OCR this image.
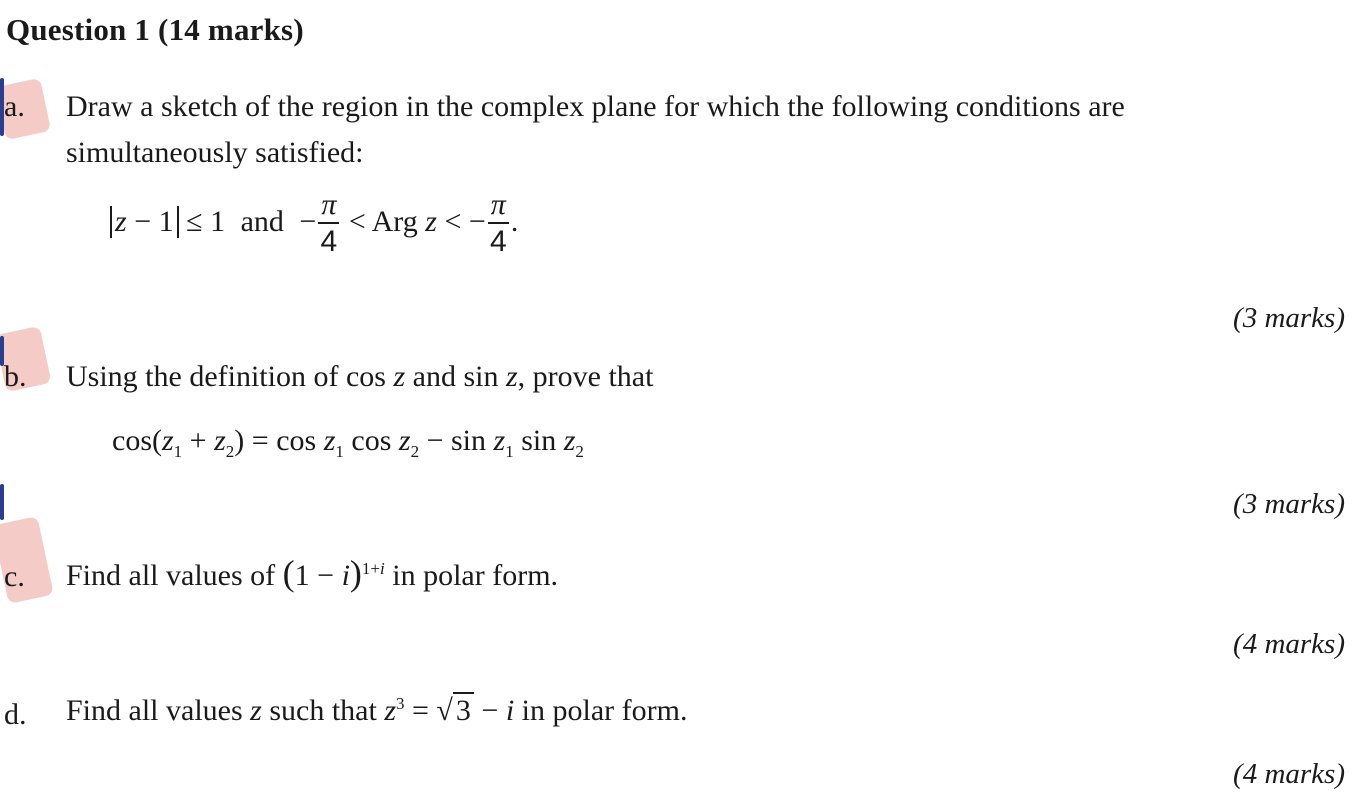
Question 1 (14 marks)
a. Draw a sketch of the region in the complex plane for which the following conditions are
simultaneously satisfied:
z − 1 ≤ 1 and − $\frac{\pi}{4}$ < Arg z < − $\frac{\pi}{4}$ .
(3 marks)
b. Using the definition of cos z and sin z, prove that
$\cos(z_1 + z_2) = \cos z_1$ $\cos z_2 - \sin z_1$ $\sin z_2$
(3 marks)
c. Find all values of $(1 - i)^{1+i}$ in polar form.
(4 marks)
d. Find all values z such that $z^3$ = √ 3 − i in polar form.
(4 marks)
